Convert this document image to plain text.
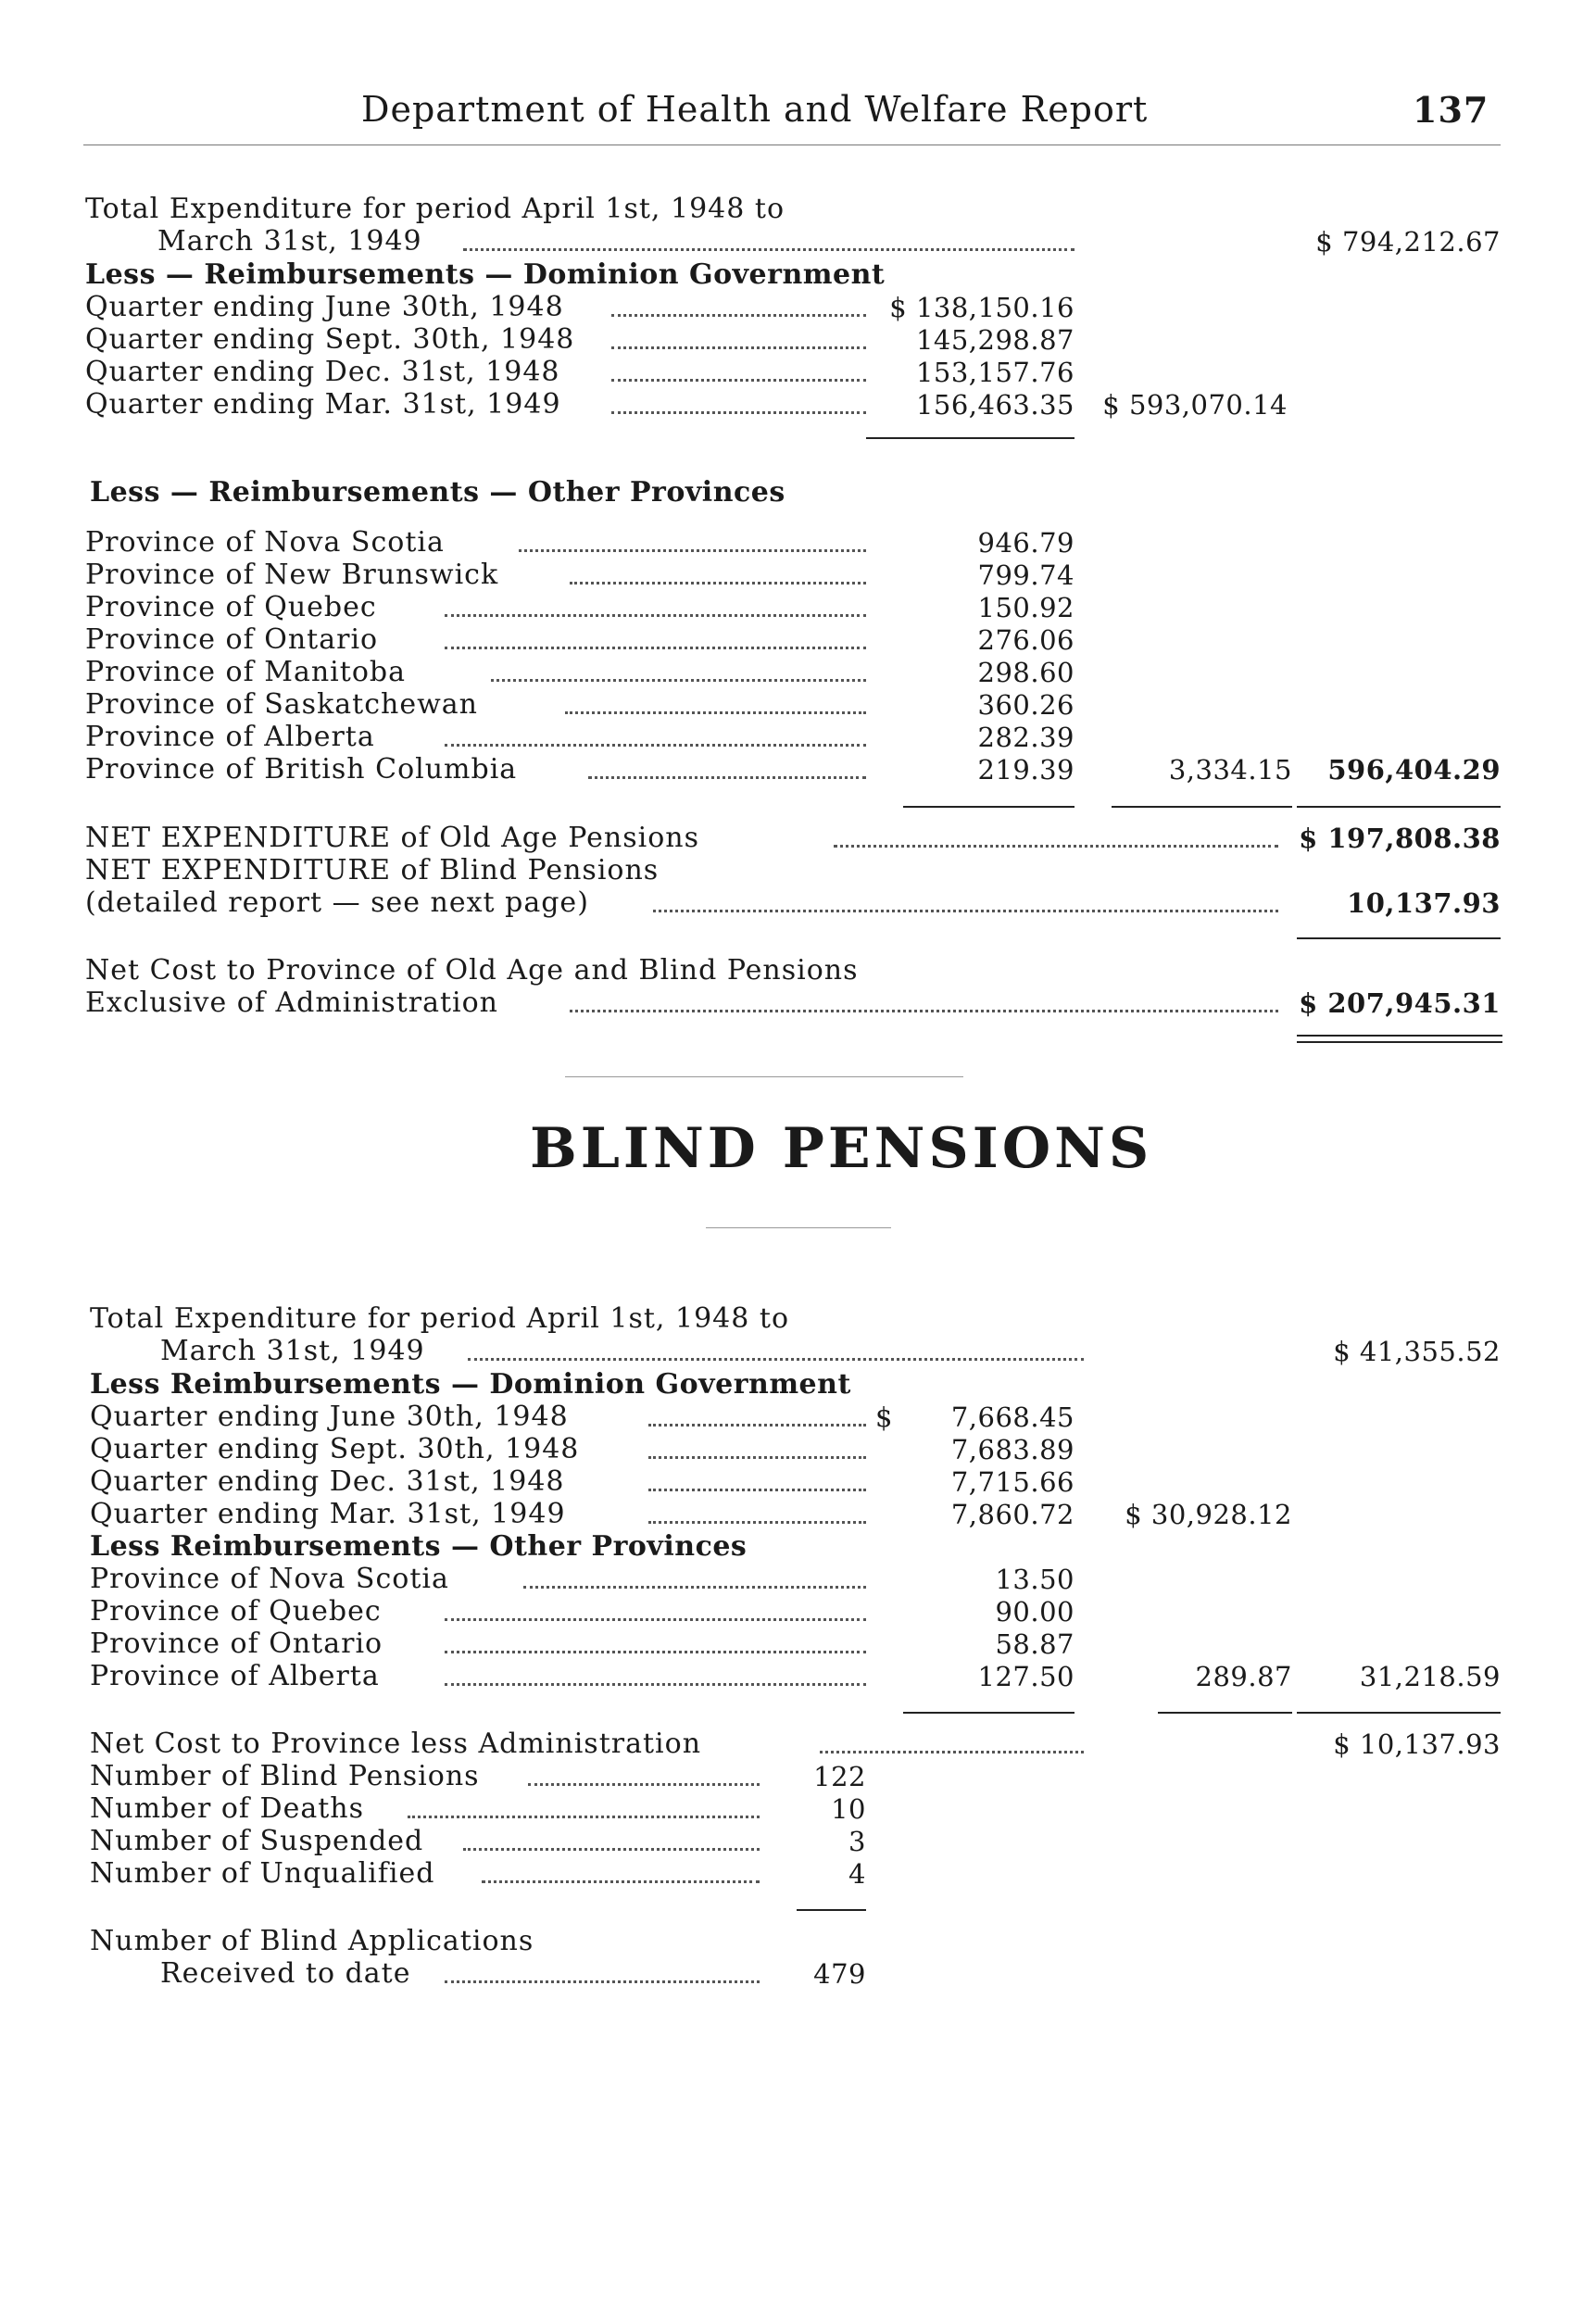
Department of Health and Welfare Report	137
Total Expenditure for period April 1st, 1948 to
March 31st, 1949	$ 794,212.67
Less — Reimbursements — Dominion Government
Quarter ending June 30th, 1948	$ 138,150.16
Quarter ending Sept. 30th, 1948	145,298.87
Quarter ending Dec. 31st, 1948	153,157.76
Quarter ending Mar. 31st, 1949	156,463.35	$ 593,070.14
Less — Reimbursements — Other Provinces
Province of Nova Scotia	946.79
Province of New Brunswick	799.74
Province of Quebec	150.92
Province of Ontario	276.06
Province of Manitoba	298.60
Province of Saskatchewan	360.26
Province of Alberta	282.39
Province of British Columbia	219.39	3,334.15	596,404.29
NET EXPENDITURE of Old Age Pensions	$ 197,808.38
NET EXPENDITURE of Blind Pensions
(detailed report — see next page)	10,137.93
Net Cost to Province of Old Age and Blind Pensions
Exclusive of Administration	$ 207,945.31
BLIND PENSIONS
Total Expenditure for period April 1st, 1948 to
March 31st, 1949	$ 41,355.52
Less Reimbursements — Dominion Government
Quarter ending June 30th, 1948	$	7,668.45
Quarter ending Sept. 30th, 1948	7,683.89
Quarter ending Dec. 31st, 1948	7,715.66
Quarter ending Mar. 31st, 1949	7,860.72	$ 30,928.12
Less Reimbursements — Other Provinces
Province of Nova Scotia	13.50
Province of Quebec	90.00
Province of Ontario	58.87
Province of Alberta	127.50	289.87	31,218.59
Net Cost to Province less Administration	$ 10,137.93
Number of Blind Pensions	122
Number of Deaths	10
Number of Suspended	3
Number of Unqualified	4
Number of Blind Applications
Received to date	479
